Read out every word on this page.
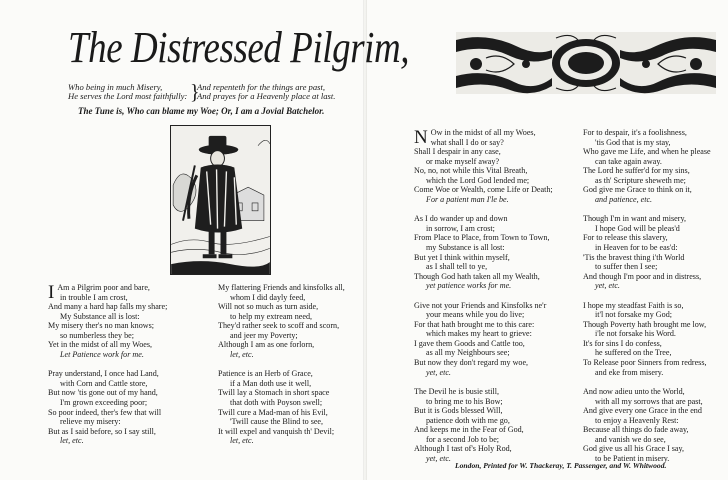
The Distressed Pilgrim,
Who being in much Misery,
He serves the Lord most faithfully: }
And repenteth for the things are past,
And prayes for a Heavenly place at last.
The Tune is, Who can blame my Woe; Or, I am a Jovial Batchelor.
I Am a Pilgrim poor and bare,
in trouble I am crost,
And many a hard hap falls my share;
My Substance all is lost:
My misery ther's no man knows;
so numberless they be;
Yet in the midst of all my Woes,
Let Patience work for me.
Pray understand, I once had Land,
with Corn and Cattle store,
But now 'tis gone out of my hand,
I'm grown exceeding poor;
So poor indeed, ther's few that will
relieve my misery:
But as I said before, so I say still,
let, etc.
My flattering Friends and kinsfolks all,
whom I did dayly feed,
Will not so much as turn aside,
to help my extream need,
They'd rather seek to scoff and scorn,
and jeer my Poverty;
Although I am as one forlorn,
let, etc.
Patience is an Herb of Grace,
if a Man doth use it well,
Twill lay a Stomach in short space
that doth with Poyson swell;
Twill cure a Mad-man of his Evil,
'Twill cause the Blind to see,
It will expel and vanquish th' Devil;
let, etc.
N Ow in the midst of all my Woes,
what shall I do or say?
Shall I despair in any case,
or make myself away?
No, no, not while this Vital Breath,
which the Lord God lended me;
Come Woe or Wealth, come Life or Death;
For a patient man I'le be.
As I do wander up and down
in sorrow, I am crost;
From Place to Place, from Town to Town,
my Substance is all lost:
But yet I think within myself,
as I shall tell to ye,
Though God hath taken all my Wealth,
yet patience works for me.
Give not your Friends and Kinsfolks ne'r
your means while you do live;
For that hath brought me to this care:
which makes my heart to grieve:
I gave them Goods and Cattle too,
as all my Neighbours see;
But now they don't regard my woe,
yet, etc.
The Devil he is busie still,
to bring me to his Bow;
But it is Gods blessed Will,
patience doth with me go,
And keeps me in the Fear of God,
for a second Job to be;
Although I tast of's Holy Rod,
yet, etc.
For to despair, it's a foolishness,
'tis God that is my stay,
Who gave me Life, and when he please
can take again away.
The Lord he suffer'd for my sins,
as th' Scripture sheweth me;
God give me Grace to think on it,
and patience, etc.
Though I'm in want and misery,
I hope God will be pleas'd
For to release this slavery,
in Heaven for to be eas'd:
'Tis the bravest thing i'th World
to suffer then I see;
And though I'm poor and in distress,
yet, etc.
I hope my steadfast Faith is so,
it'l not forsake my God;
Though Poverty hath brought me low,
i'le not forsake his Word.
It's for sins I do confess,
he suffered on the Tree,
To Release poor Sinners from redress,
and eke from misery.
And now adieu unto the World,
with all my sorrows that are past,
And give every one Grace in the end
to enjoy a Heavenly Rest:
Because all things do fade away,
and vanish we do see,
God give us all his Grace I say,
to be Patient in misery.
London, Printed for W. Thackeray, T. Passenger, and W. Whitwood.
